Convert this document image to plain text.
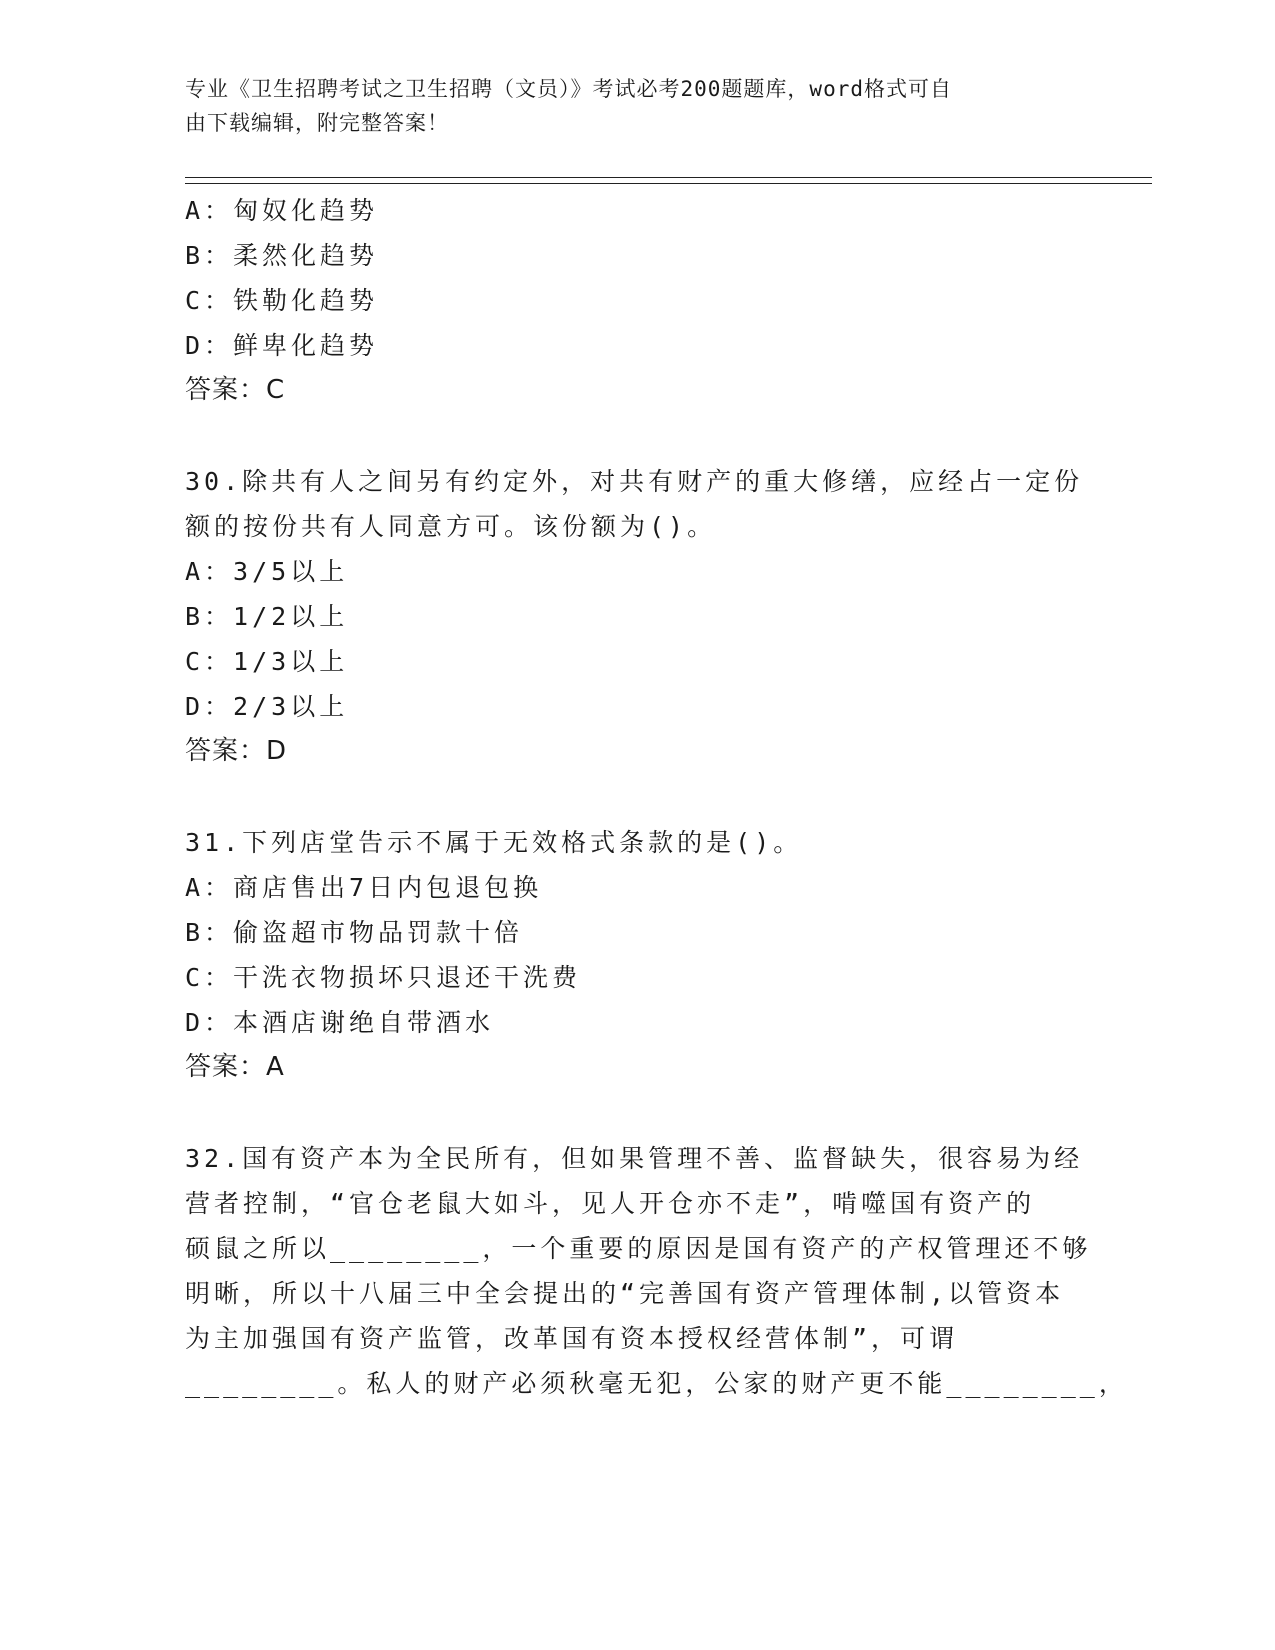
专业《卫生招聘考试之卫生招聘（文员）》考试必考200题题库，word格式可自
由下载编辑，附完整答案！
A：匈奴化趋势
B：柔然化趋势
C：铁勒化趋势
D：鲜卑化趋势
答案：C
30.除共有人之间另有约定外，对共有财产的重大修缮，应经占一定份
额的按份共有人同意方可。该份额为()。
A：3/5以上
B：1/2以上
C：1/3以上
D：2/3以上
答案：D
31.下列店堂告示不属于无效格式条款的是()。
A：商店售出7日内包退包换
B：偷盗超市物品罚款十倍
C：干洗衣物损坏只退还干洗费
D：本酒店谢绝自带酒水
答案：A
32.国有资产本为全民所有，但如果管理不善、监督缺失，很容易为经
营者控制，“官仓老鼠大如斗，见人开仓亦不走”，啃噬国有资产的
硕鼠之所以________，一个重要的原因是国有资产的产权管理还不够
明晰，所以十八届三中全会提出的“完善国有资产管理体制,以管资本
为主加强国有资产监管，改革国有资本授权经营体制”，可谓
________。私人的财产必须秋毫无犯，公家的财产更不能________，
